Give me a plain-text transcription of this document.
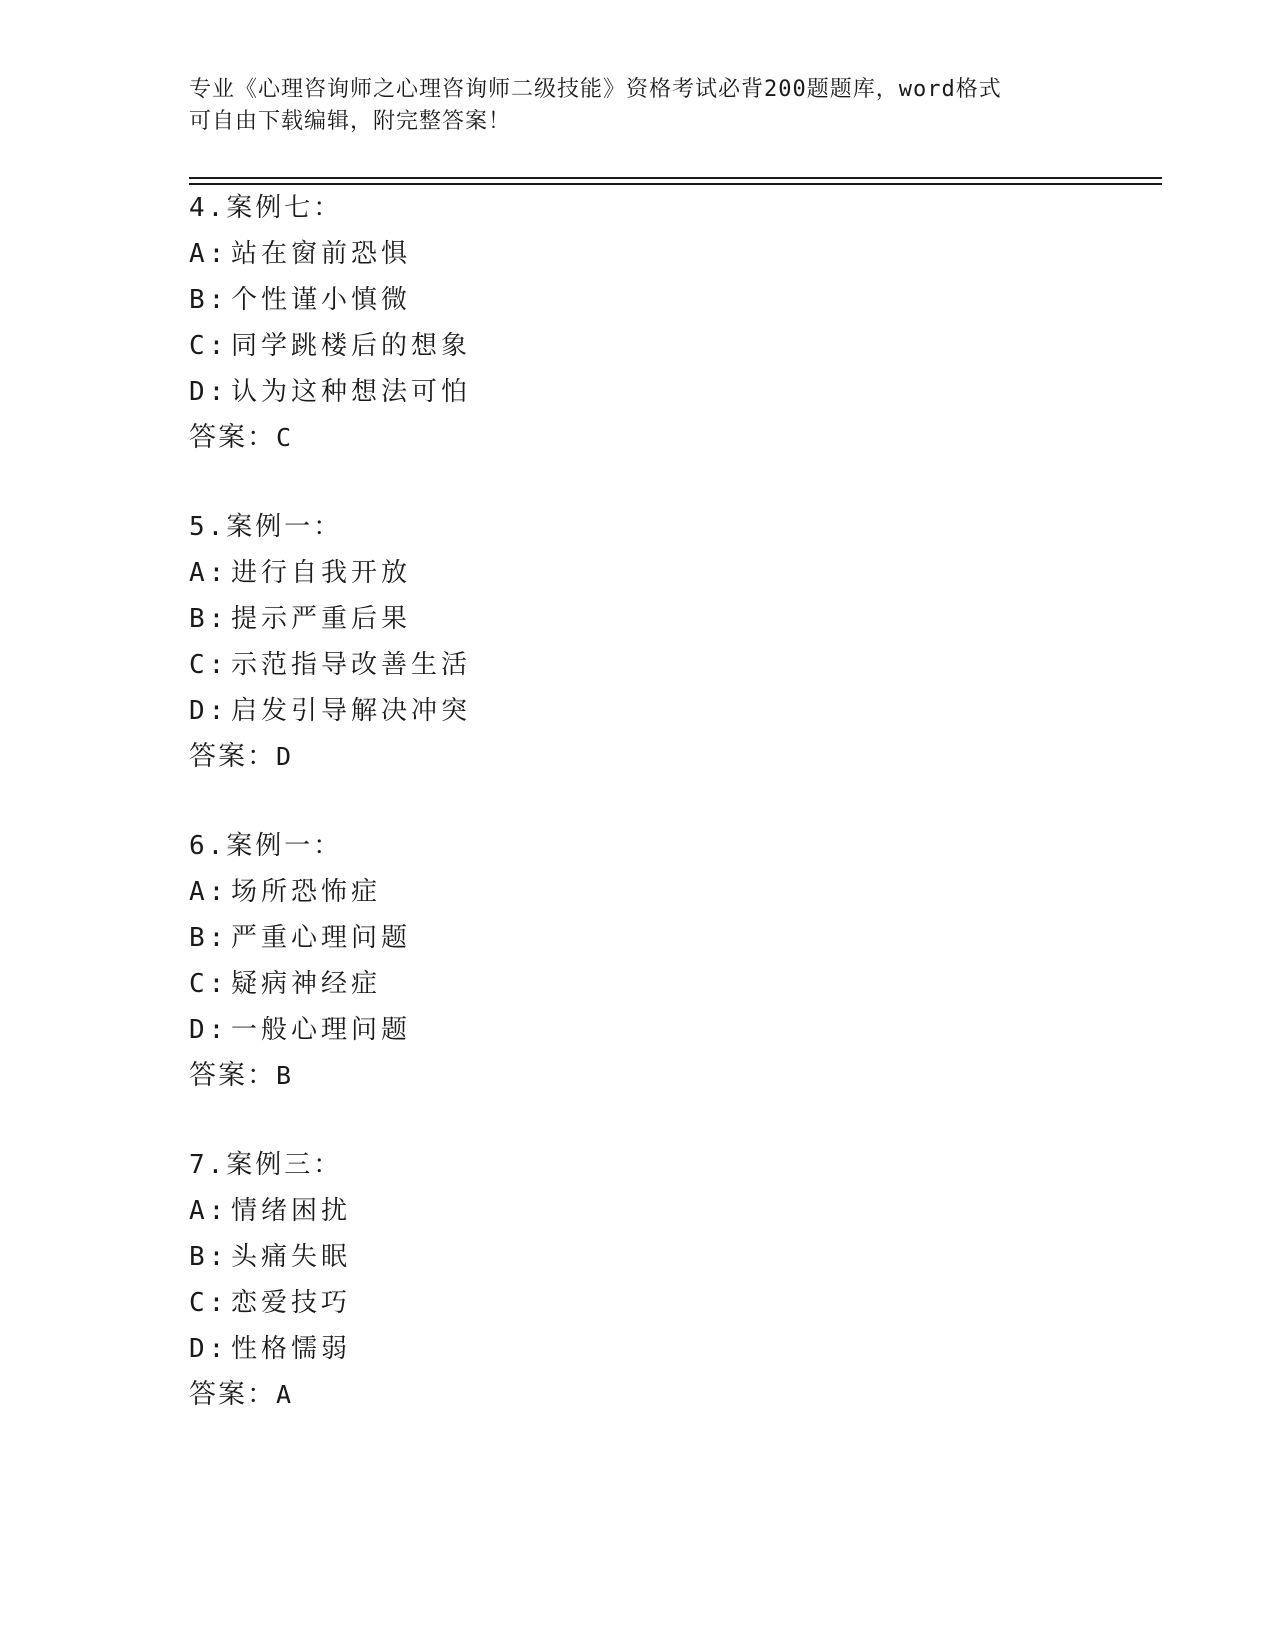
专业《心理咨询师之心理咨询师二级技能》资格考试必背200题题库，word格式
可自由下载编辑，附完整答案！
4.案例七：
A: 站在窗前恐惧
B: 个性谨小慎微
C: 同学跳楼后的想象
D: 认为这种想法可怕
答案：C
5.案例一：
A: 进行自我开放
B: 提示严重后果
C: 示范指导改善生活
D: 启发引导解决冲突
答案：D
6.案例一：
A: 场所恐怖症
B: 严重心理问题
C: 疑病神经症
D: 一般心理问题
答案：B
7.案例三：
A: 情绪困扰
B: 头痛失眠
C: 恋爱技巧
D: 性格懦弱
答案：A
